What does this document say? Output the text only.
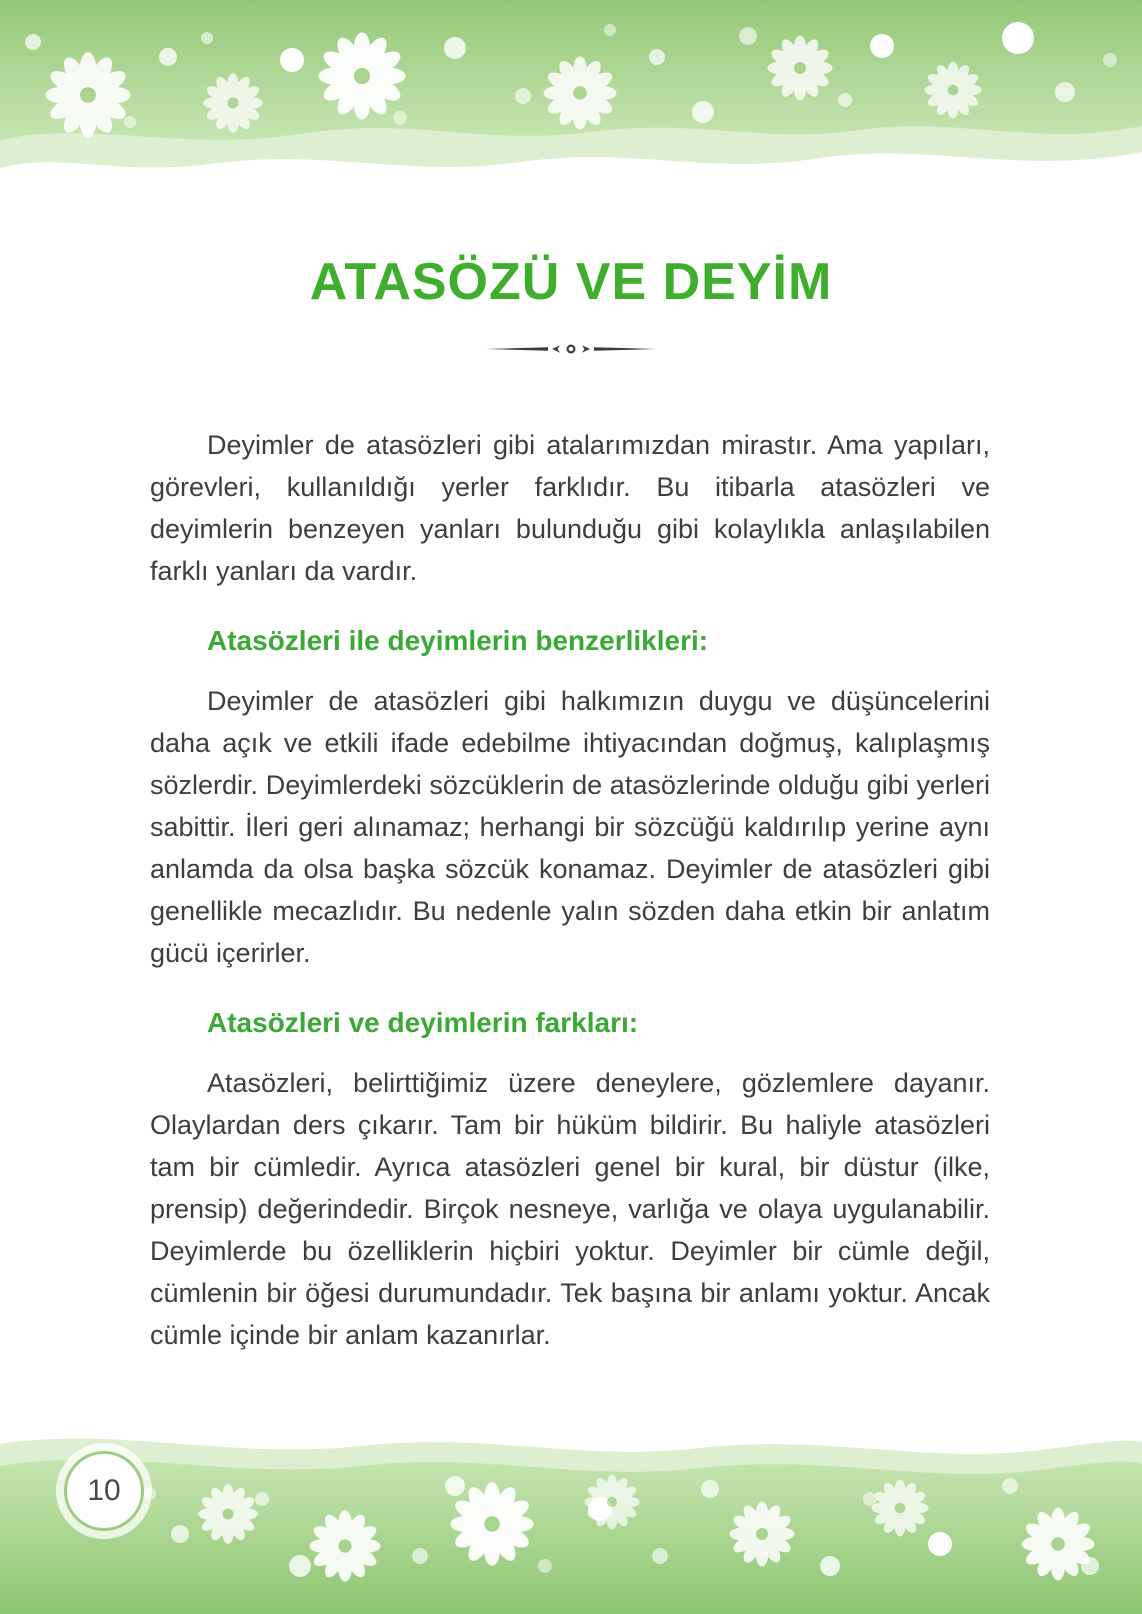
ATASÖZÜ VE DEYİM

Deyimler de atasözleri gibi atalarımızdan mirastır. Ama yapıları, görevleri, kullanıldığı yerler farklıdır. Bu itibarla atasözleri ve deyimlerin benzeyen yanları bulunduğu gibi kolaylıkla anlaşılabilen farklı yanları da vardır.

Atasözleri ile deyimlerin benzerlikleri:

Deyimler de atasözleri gibi halkımızın duygu ve düşüncelerini daha açık ve etkili ifade edebilme ihtiyacından doğmuş, kalıplaşmış sözlerdir. Deyimlerdeki sözcüklerin de atasözlerinde olduğu gibi yerleri sabittir. İleri geri alınamaz; herhangi bir sözcüğü kaldırılıp yerine aynı anlamda da olsa başka sözcük konamaz. Deyimler de atasözleri gibi genellikle mecazlıdır. Bu nedenle yalın sözden daha etkin bir anlatım gücü içerirler.

Atasözleri ve deyimlerin farkları:

Atasözleri, belirttiğimiz üzere deneylere, gözlemlere dayanır. Olaylardan ders çıkarır. Tam bir hüküm bildirir. Bu haliyle atasözleri tam bir cümledir. Ayrıca atasözleri genel bir kural, bir düstur (ilke, prensip) değerindedir. Birçok nesneye, varlığa ve olaya uygulanabilir. Deyimlerde bu özelliklerin hiçbiri yoktur. Deyimler bir cümle değil, cümlenin bir öğesi durumundadır. Tek başına bir anlamı yoktur. Ancak cümle içinde bir anlam kazanırlar.

10
